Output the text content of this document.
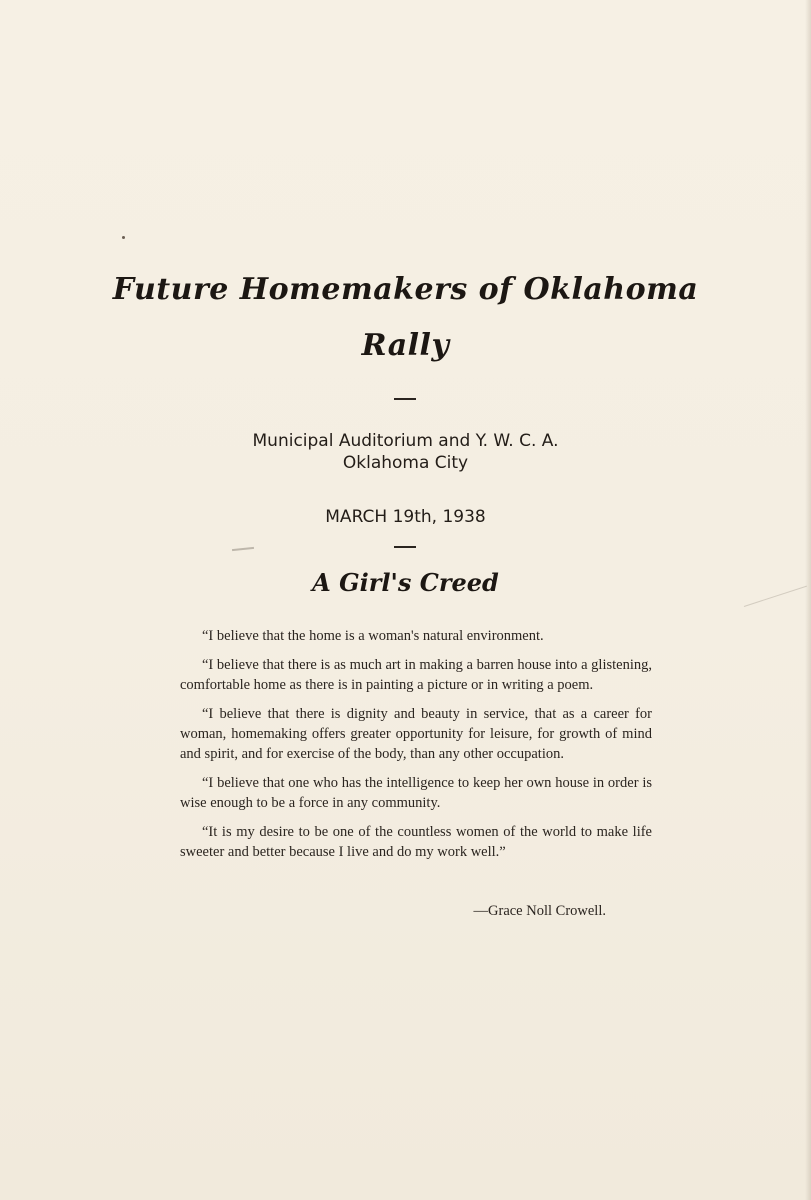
Future Homemakers of Oklahoma
Rally
Municipal Auditorium and Y. W. C. A.
Oklahoma City
MARCH 19th, 1938
A Girl's Creed

“I believe that the home is a woman's natural environment.

“I believe that there is as much art in making a barren house into a glistening, comfortable home as there is in painting a picture or in writing a poem.

“I believe that there is dignity and beauty in service, that as a career for woman, homemaking offers greater opportunity for leisure, for growth of mind and spirit, and for exercise of the body, than any other occupation.

“I believe that one who has the intelligence to keep her own house in order is wise enough to be a force in any community.

“It is my desire to be one of the countless women of the world to make life sweeter and better because I live and do my work well.”

—Grace Noll Crowell.
